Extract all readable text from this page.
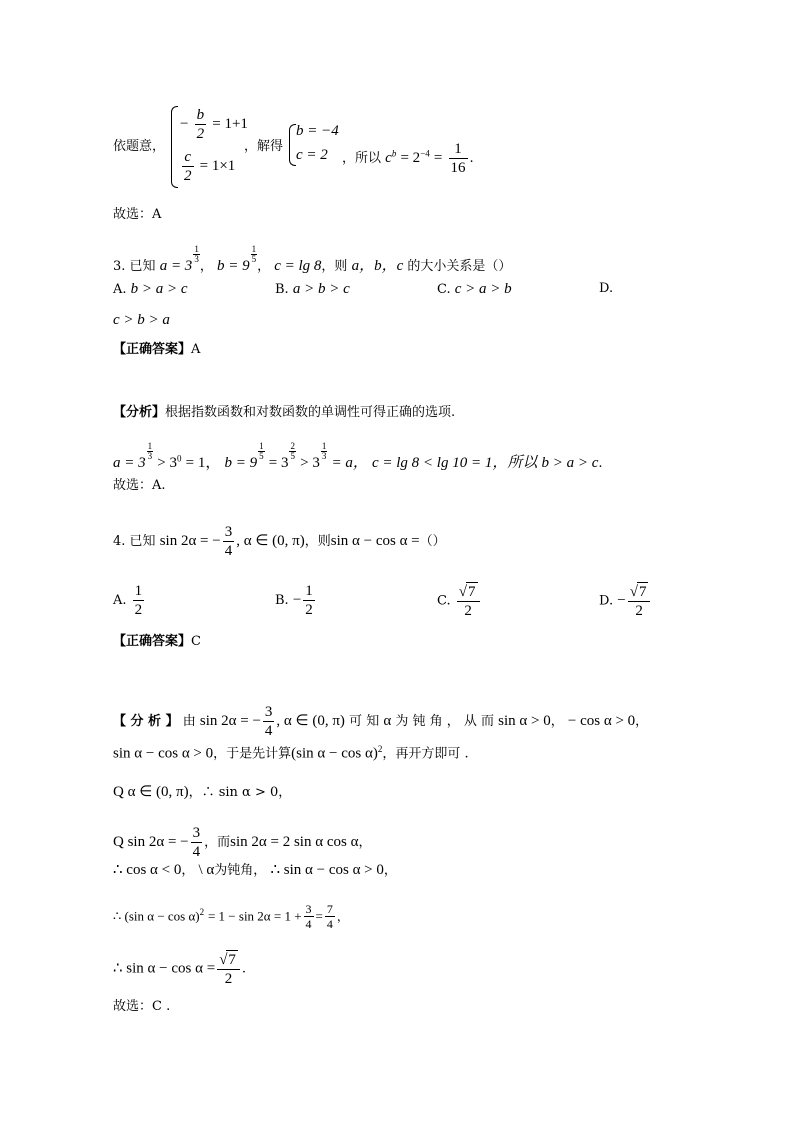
依题意，
− $\frac{b}{2} = 1+1$
$\frac{c}{2} = 1\times 1$
，解得
b = −4
c = 2 ，所以 $c^b = 2^{-4} = \frac{1}{16}$ .
故选：A
3. 已知 a = 3
$\frac{1}{3}$
， b = 9
$\frac{1}{5}$
， c = lg 8，则 a，b，c 的大小关系是（）
A. b > a > c	B. a > b > c	C. c > a > b	D.
c > b > a
【正确答案】A
【分析】根据指数函数和对数函数的单调性可得正确的选项.
a = 3
$\frac{1}{3}$
> $3^0 = 1$， b = 9
$\frac{1}{5}$
= 3
$\frac{2}{5}$
> 3
$\frac{1}{3}$
= a， c = lg 8 < lg 10 = 1，所以 b > a > c.
故选：A.
4. 已知 sin 2α = − $\frac{3}{4}$ , α ∈ (0, π)，则sin α − cos α =（）
A. $\frac{1}{2}$	B. − $\frac{1}{2}$	C. $\frac{√7}{2}$	D. − $\frac{√7}{2}$
【正确答案】C
【 分 析 】 由 sin 2α = − $\frac{3}{4}$ , α ∈ (0, π) 可 知 α 为 钝 角 ， 从 而 sin α > 0， − cos α > 0，
sin α − cos α > 0，于是先计算(sin α − cos α)$^2$，再开方即可 .
Q α ∈ (0, π)，∴ sin α > 0，
Q sin 2α = − $\frac{3}{4}$ ，而sin 2α = 2 sin α cos α，
∴ cos α < 0， \ α为钝角， ∴ sin α − cos α > 0，
∴ (sin $\alpha - \cos \alpha)^2 = 1 - \sin 2\alpha = 1 + \frac{3}{4} = \frac{7}{4}$ ，
∴ $\sin \alpha - \cos \alpha = \frac{√7}{2}$ .
故选：C .
